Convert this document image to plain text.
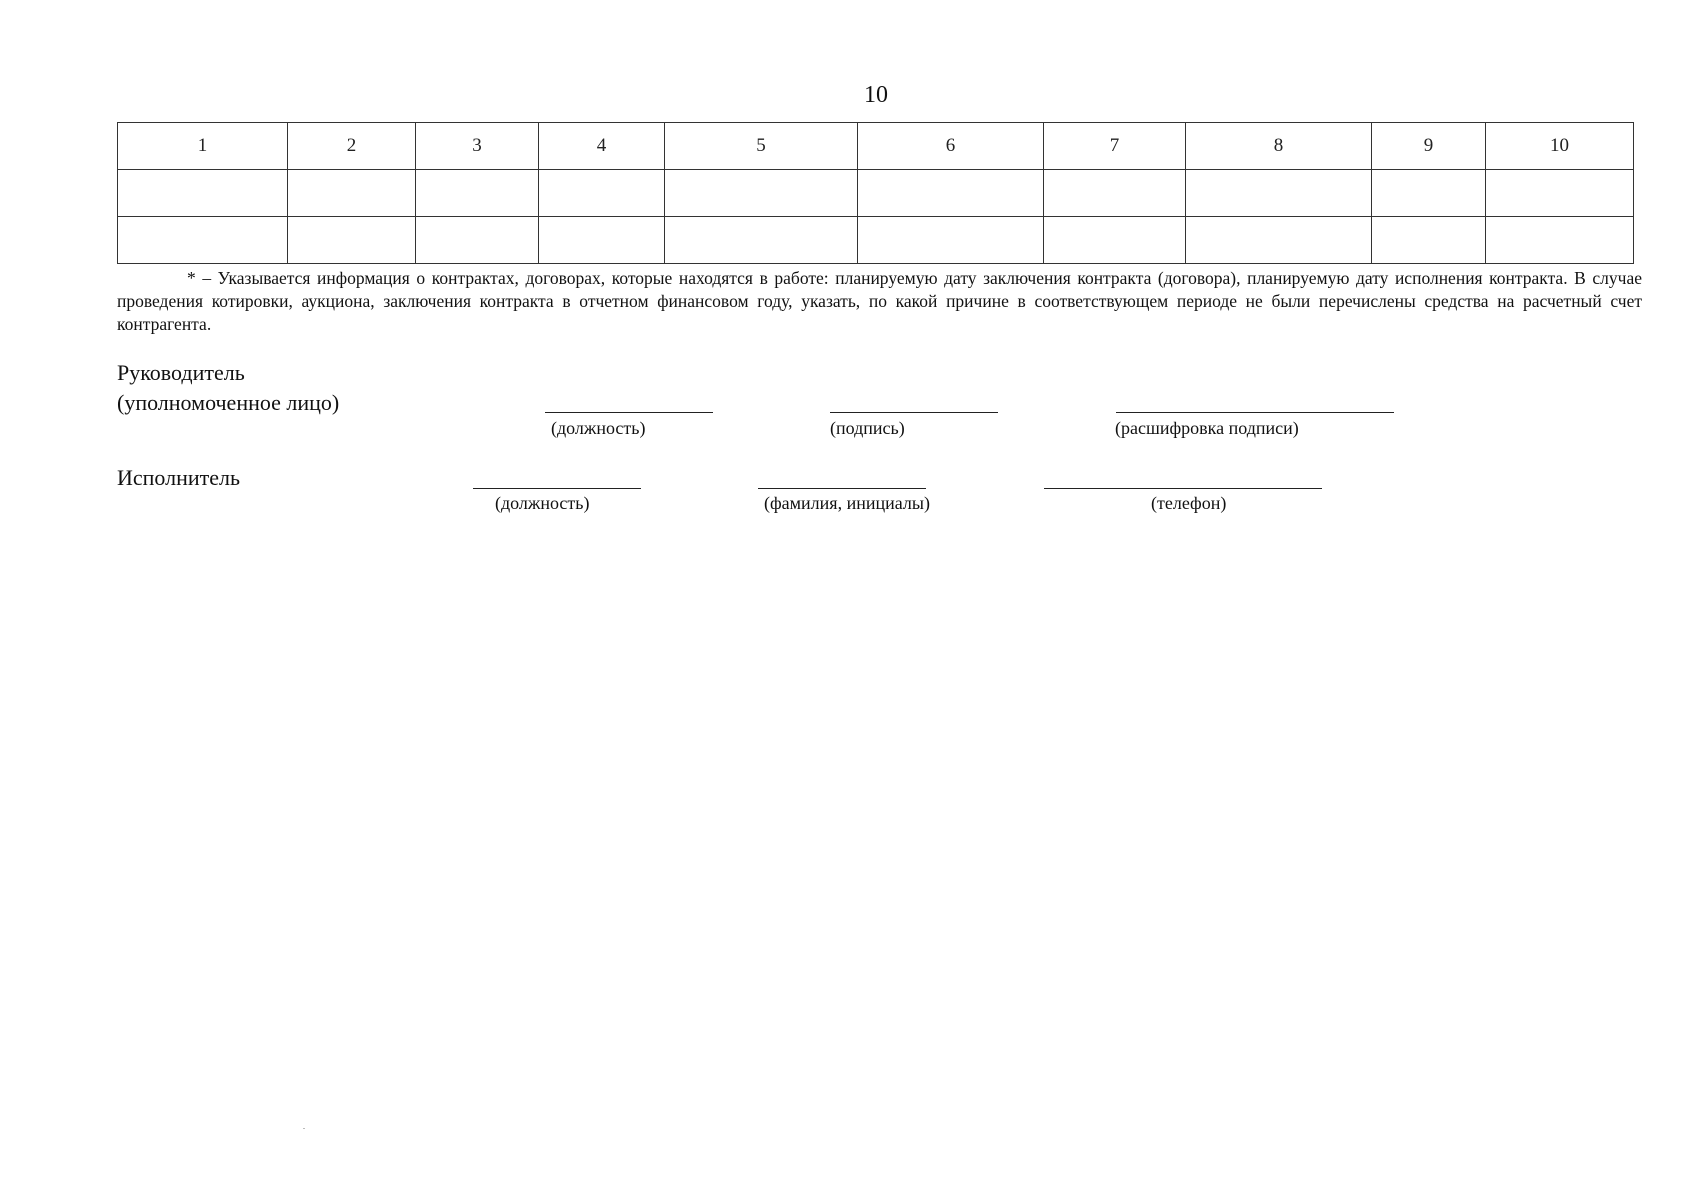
10
1	2	3	4	5	6	7	8	9	10

* – Указывается информация о контрактах, договорах, которые находятся в работе: планируемую дату заключения контракта (договора), планируемую дату исполнения контракта. В случае проведения котировки, аукциона, заключения контракта в отчетном финансовом году, указать, по какой причине в соответствующем периоде не были перечислены средства на расчетный счет контрагента.
Руководитель
(уполномоченное лицо)
(должность)	(подпись)	(расшифровка подписи)
Исполнитель
(должность)	(фамилия, инициалы)	(телефон)
